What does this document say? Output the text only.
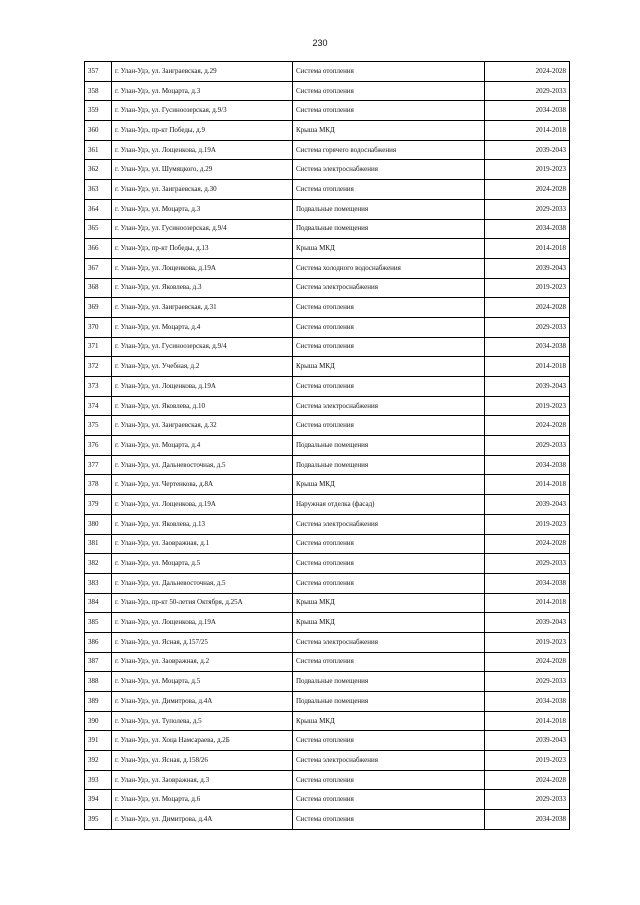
230
357	г. Улан-Удэ, ул. Заиграевская, д.29	Система отопления	2024-2028
358	г. Улан-Удэ, ул. Моцарта, д.3	Система отопления	2029-2033
359	г. Улан-Удэ, ул. Гусиноозерская, д.9/3	Система отопления	2034-2038
360	г. Улан-Удэ, пр-кт Победы, д.9	Крыша МКД	2014-2018
361	г. Улан-Удэ, ул. Лощенкова, д.19А	Система горячего водоснабжения	2039-2043
362	г. Улан-Удэ, ул. Шумяцкого, д.29	Система электроснабжения	2019-2023
363	г. Улан-Удэ, ул. Заиграевская, д.30	Система отопления	2024-2028
364	г. Улан-Удэ, ул. Моцарта, д.3	Подвальные помещения	2029-2033
365	г. Улан-Удэ, ул. Гусиноозерская, д.9/4	Подвальные помещения	2034-2038
366	г. Улан-Удэ, пр-кт Победы, д.13	Крыша МКД	2014-2018
367	г. Улан-Удэ, ул. Лощенкова, д.19А	Система холодного водоснабжения	2039-2043
368	г. Улан-Удэ, ул. Яковлева, д.3	Система электроснабжения	2019-2023
369	г. Улан-Удэ, ул. Заиграевская, д.31	Система отопления	2024-2028
370	г. Улан-Удэ, ул. Моцарта, д.4	Система отопления	2029-2033
371	г. Улан-Удэ, ул. Гусиноозерская, д.9/4	Система отопления	2034-2038
372	г. Улан-Удэ, ул. Учебная, д.2	Крыша МКД	2014-2018
373	г. Улан-Удэ, ул. Лощенкова, д.19А	Система отопления	2039-2043
374	г. Улан-Удэ, ул. Яковлева, д.10	Система электроснабжения	2019-2023
375	г. Улан-Удэ, ул. Заиграевская, д.32	Система отопления	2024-2028
376	г. Улан-Удэ, ул. Моцарта, д.4	Подвальные помещения	2029-2033
377	г. Улан-Удэ, ул. Дальневосточная, д.5	Подвальные помещения	2034-2038
378	г. Улан-Удэ, ул. Чертенкова, д.8А	Крыша МКД	2014-2018
379	г. Улан-Удэ, ул. Лощенкова, д.19А	Наружная отделка (фасад)	2039-2043
380	г. Улан-Удэ, ул. Яковлева, д.13	Система электроснабжения	2019-2023
381	г. Улан-Удэ, ул. Заовражная, д.1	Система отопления	2024-2028
382	г. Улан-Удэ, ул. Моцарта, д.5	Система отопления	2029-2033
383	г. Улан-Удэ, ул. Дальневосточная, д.5	Система отопления	2034-2038
384	г. Улан-Удэ, пр-кт 50-летия Октября, д.25А	Крыша МКД	2014-2018
385	г. Улан-Удэ, ул. Лощенкова, д.19А	Крыша МКД	2039-2043
386	г. Улан-Удэ, ул. Ясная, д.157/25	Система электроснабжения	2019-2023
387	г. Улан-Удэ, ул. Заовражная, д.2	Система отопления	2024-2028
388	г. Улан-Удэ, ул. Моцарта, д.5	Подвальные помещения	2029-2033
389	г. Улан-Удэ, ул. Димитрова, д.4А	Подвальные помещения	2034-2038
390	г. Улан-Удэ, ул. Туполева, д.5	Крыша МКД	2014-2018
391	г. Улан-Удэ, ул. Хоца Намсараева, д.2Б	Система отопления	2039-2043
392	г. Улан-Удэ, ул. Ясная, д.158/26	Система электроснабжения	2019-2023
393	г. Улан-Удэ, ул. Заовражная, д.3	Система отопления	2024-2028
394	г. Улан-Удэ, ул. Моцарта, д.6	Система отопления	2029-2033
395	г. Улан-Удэ, ул. Димитрова, д.4А	Система отопления	2034-2038
